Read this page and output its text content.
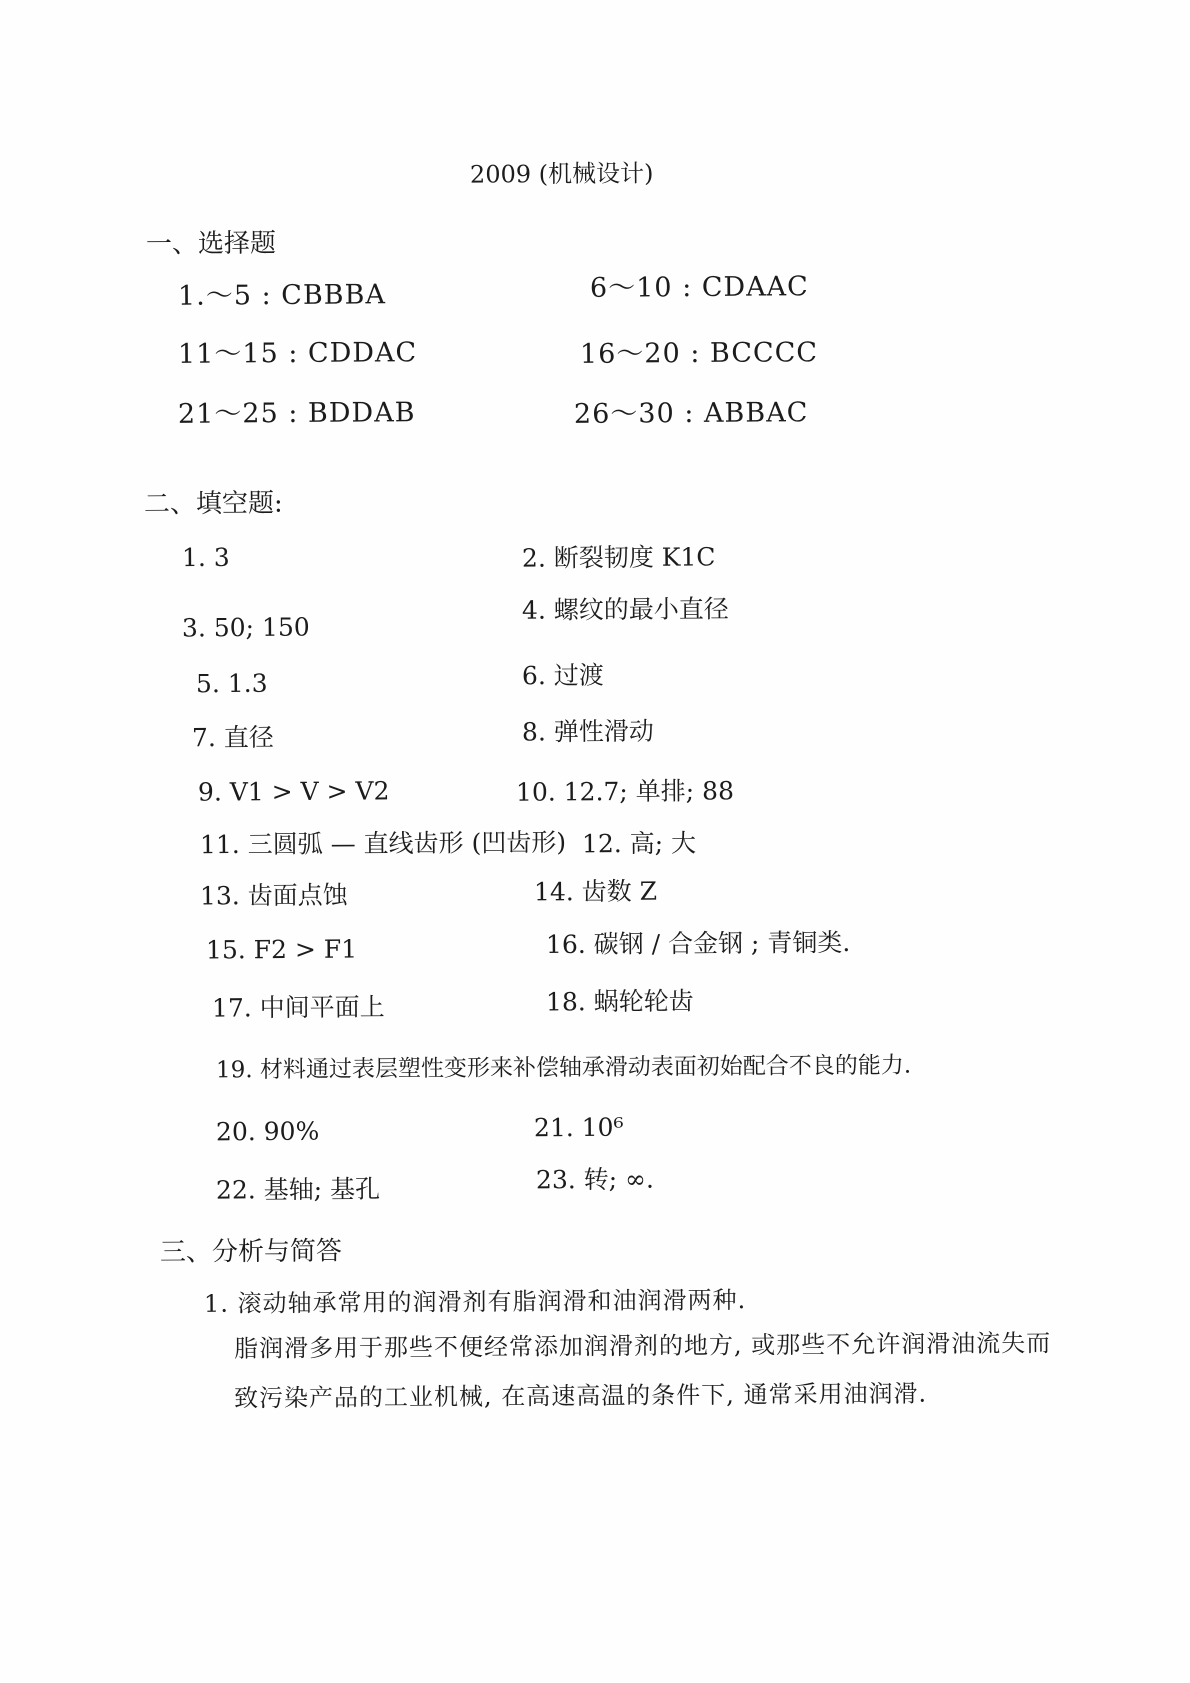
2009 (机械设计)
一、选择题
1.～5 : CBBBA	6～10 : CDAAC
11～15 : CDDAC	16～20 : BCCCC
21～25 : BDDAB	26～30 : ABBAC
二、填空题:
1. 3	2. 断裂韧度 K1C
3. 50; 150
4. 螺纹的最小直径
5. 1.3	6. 过渡
7. 直径	8. 弹性滑动
9. V1 > V > V2	10. 12.7; 单排; 88
11. 三圆弧 — 直线齿形 (凹齿形) 12. 高; 大
13. 齿面点蚀	14. 齿数 Z
15. F2 > F1	16. 碳钢 / 合金钢 ; 青铜类.
17. 中间平面上	18. 蜗轮轮齿
19. 材料通过表层塑性变形来补偿轴承滑动表面初始配合不良的能力.
20. 90%	21. 10⁶
22. 基轴; 基孔	23. 转; ∞.
三、分析与简答
1. 滚动轴承常用的润滑剂有脂润滑和油润滑两种.
脂润滑多用于那些不便经常添加润滑剂的地方, 或那些不允许润滑油流失而
致污染产品的工业机械, 在高速高温的条件下, 通常采用油润滑.
